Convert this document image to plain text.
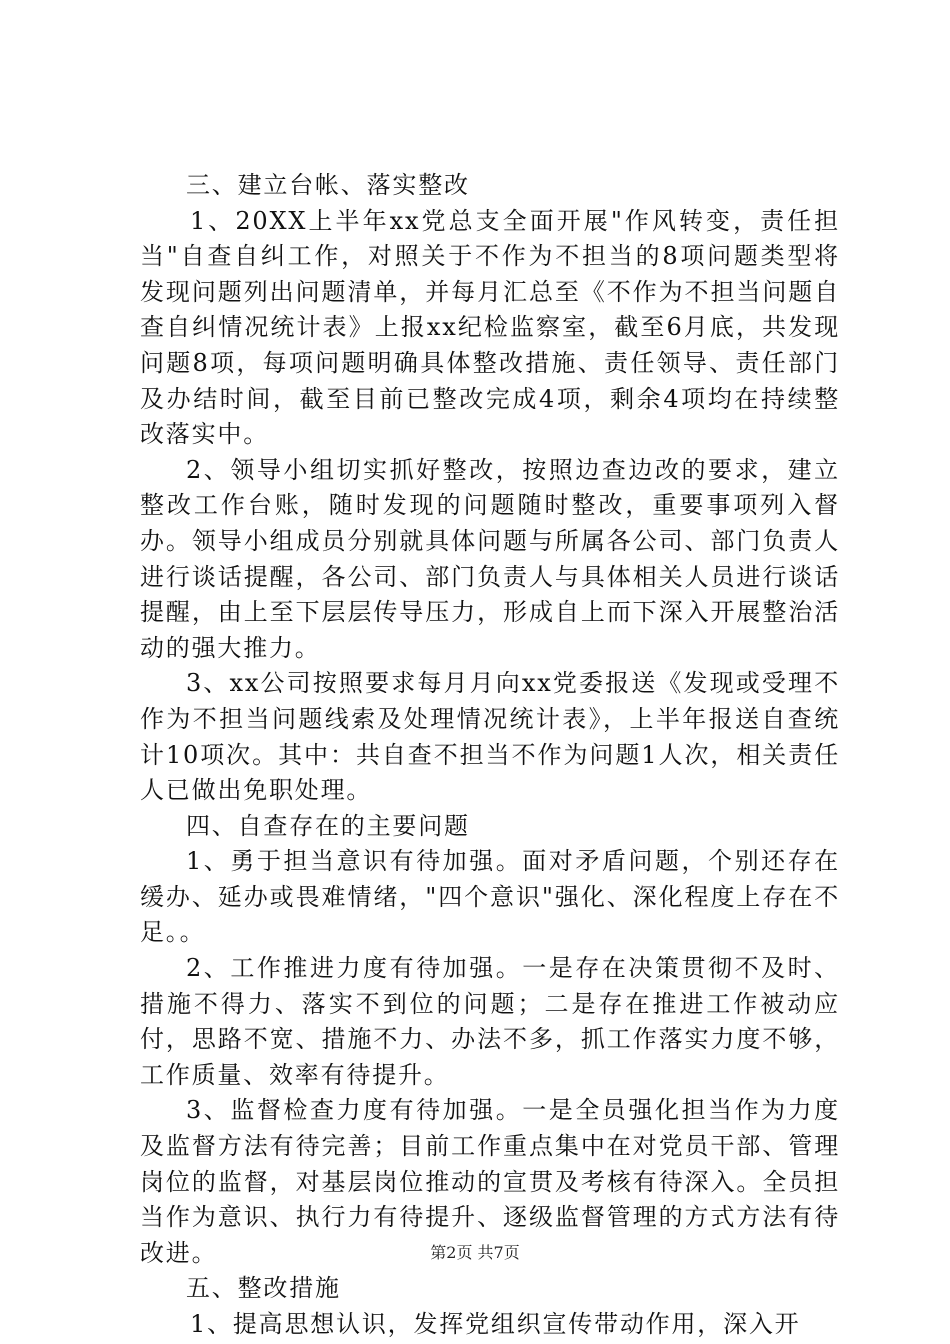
三、建立台帐、落实整改

1、20XX上半年xx党总支全面开展"作风转变，责任担当"自查自纠工作，对照关于不作为不担当的8项问题类型将发现问题列出问题清单，并每月汇总至《不作为不担当问题自查自纠情况统计表》上报xx纪检监察室，截至6月底，共发现问题8项，每项问题明确具体整改措施、责任领导、责任部门及办结时间，截至目前已整改完成4项，剩余4项均在持续整改落实中。

2、领导小组切实抓好整改，按照边查边改的要求，建立整改工作台账，随时发现的问题随时整改，重要事项列入督办。领导小组成员分别就具体问题与所属各公司、部门负责人进行谈话提醒，各公司、部门负责人与具体相关人员进行谈话提醒，由上至下层层传导压力，形成自上而下深入开展整治活动的强大推力。

3、xx公司按照要求每月月向xx党委报送《发现或受理不作为不担当问题线索及处理情况统计表》，上半年报送自查统计10项次。其中：共自查不担当不作为问题1人次，相关责任人已做出免职处理。

四、自查存在的主要问题

1、勇于担当意识有待加强。面对矛盾问题，个别还存在缓办、延办或畏难情绪，"四个意识"强化、深化程度上存在不足。。

2、工作推进力度有待加强。一是存在决策贯彻不及时、措施不得力、落实不到位的问题；二是存在推进工作被动应付，思路不宽、措施不力、办法不多，抓工作落实力度不够，工作质量、效率有待提升。

3、监督检查力度有待加强。一是全员强化担当作为力度及监督方法有待完善；目前工作重点集中在对党员干部、管理岗位的监督，对基层岗位推动的宣贯及考核有待深入。全员担当作为意识、执行力有待提升、逐级监督管理的方式方法有待改进。

五、整改措施

1、提高思想认识，发挥党组织宣传带动作用，深入开

第2页 共7页
